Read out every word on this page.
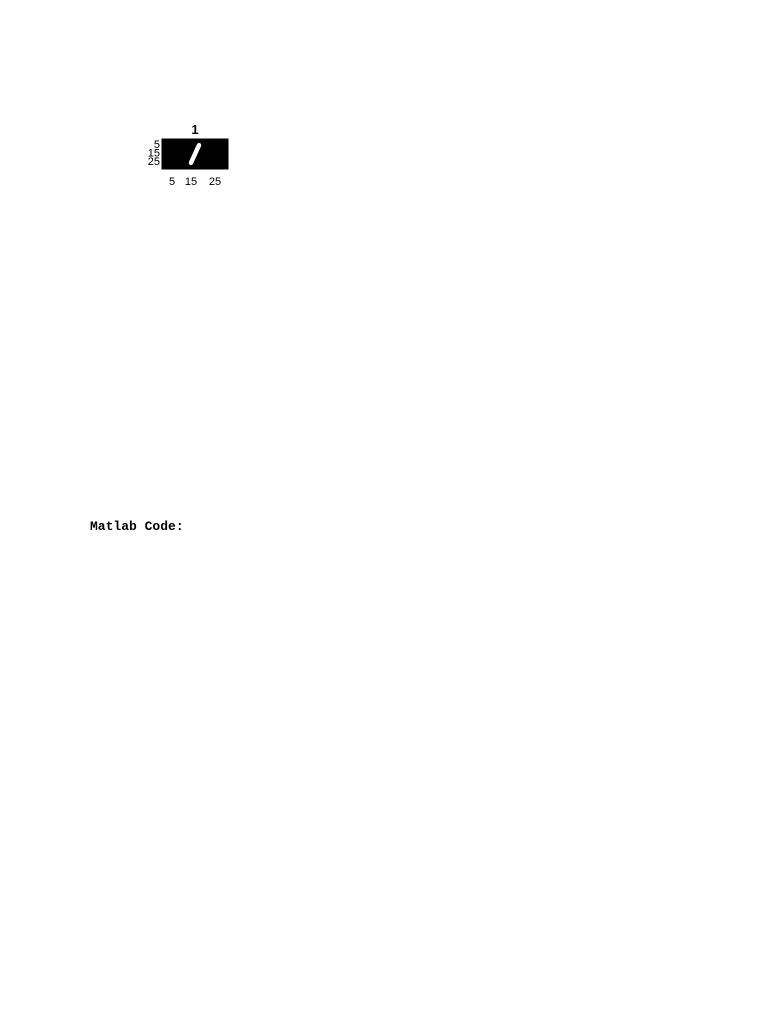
1
5
15
25
5 15 25
Matlab Code:
